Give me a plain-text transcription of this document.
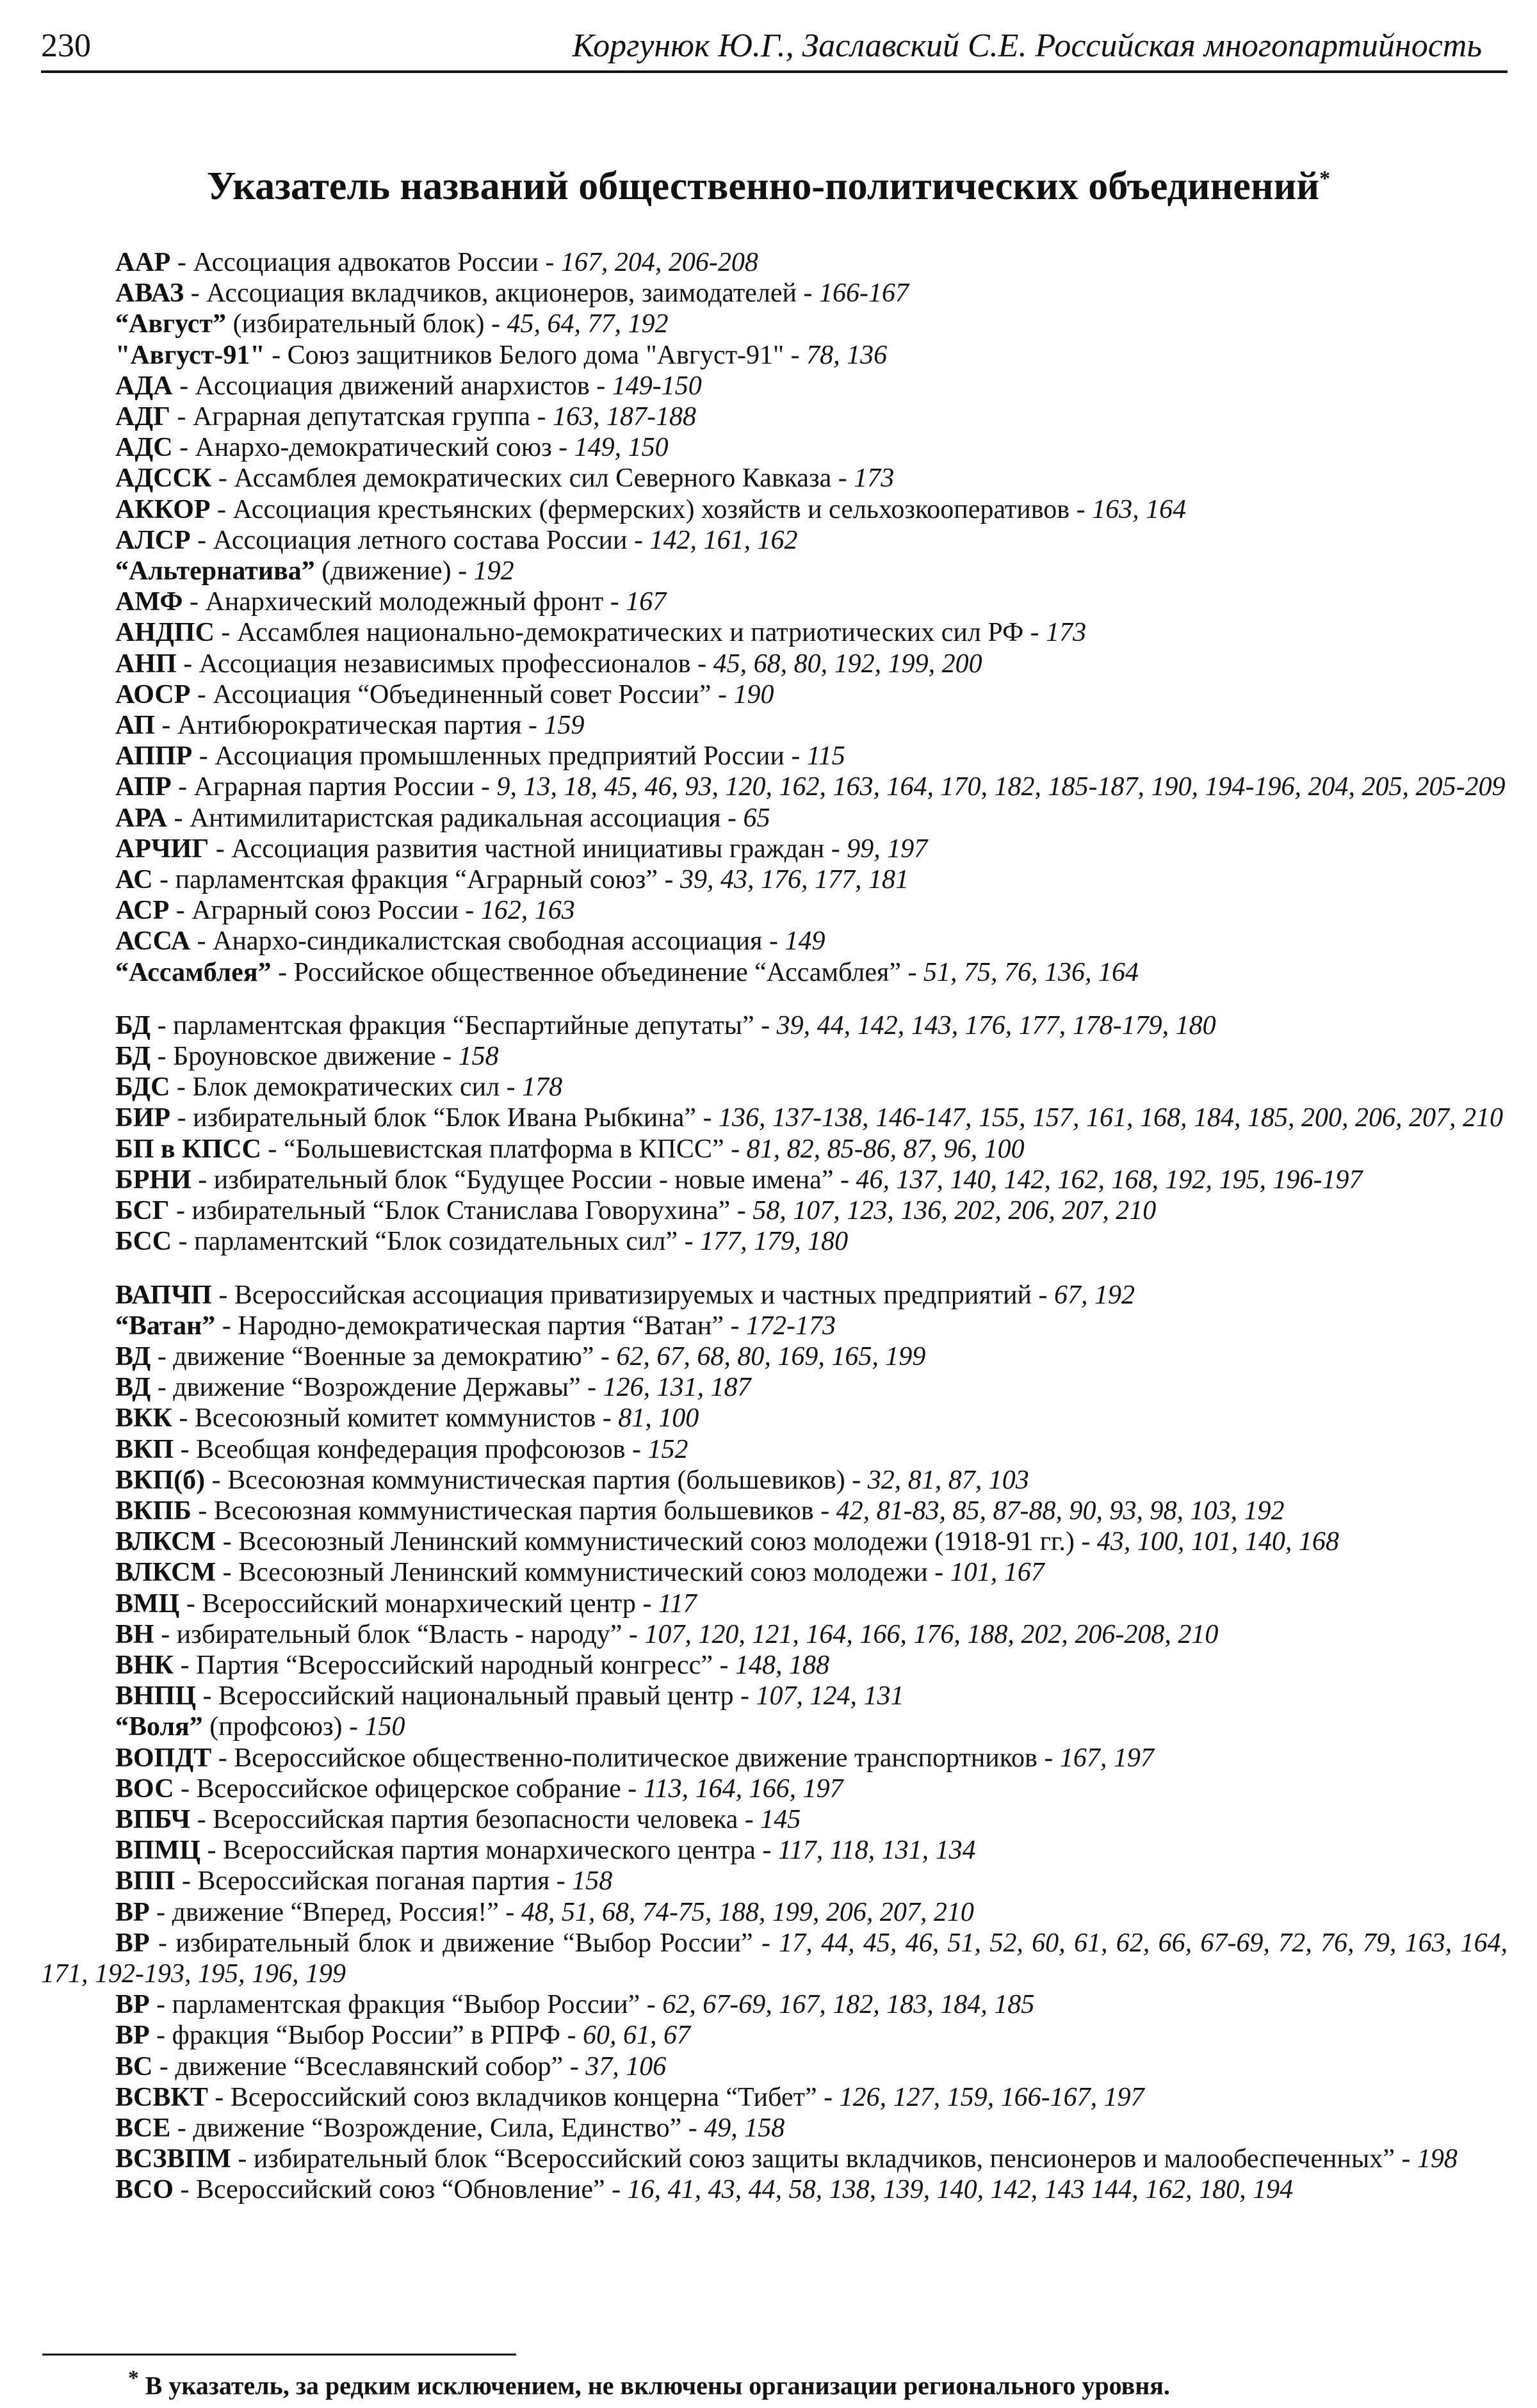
230	Коргунюк Ю.Г., Заславский С.Е. Российская многопартийность
Указатель названий общественно-политических объединений*
ААР - Ассоциация адвокатов России - 167, 204, 206-208
АВАЗ - Ассоциация вкладчиков, акционеров, заимодателей - 166-167
“Август” (избирательный блок) - 45, 64, 77, 192
"Август-91" - Союз защитников Белого дома "Август-91" - 78, 136
АДА - Ассоциация движений анархистов - 149-150
АДГ - Аграрная депутатская группа - 163, 187-188
АДС - Анархо-демократический союз - 149, 150
АДССК - Ассамблея демократических сил Северного Кавказа - 173
АККОР - Ассоциация крестьянских (фермерских) хозяйств и сельхозкооперативов - 163, 164
АЛСР - Ассоциация летного состава России - 142, 161, 162
“Альтернатива” (движение) - 192
АМФ - Анархический молодежный фронт - 167
АНДПС - Ассамблея национально-демократических и патриотических сил РФ - 173
АНП - Ассоциация независимых профессионалов - 45, 68, 80, 192, 199, 200
АОСР - Ассоциация “Объединенный совет России” - 190
АП - Антибюрократическая партия - 159
АППР - Ассоциация промышленных предприятий России - 115
АПР - Аграрная партия России - 9, 13, 18, 45, 46, 93, 120, 162, 163, 164, 170, 182, 185-187, 190, 194-196, 204, 205, 205-209
АРА - Антимилитаристская радикальная ассоциация - 65
АРЧИГ - Ассоциация развития частной инициативы граждан - 99, 197
АС - парламентская фракция “Аграрный союз” - 39, 43, 176, 177, 181
АСР - Аграрный союз России - 162, 163
АССА - Анархо-синдикалистская свободная ассоциация - 149
“Ассамблея” - Российское общественное объединение “Ассамблея” - 51, 75, 76, 136, 164
БД - парламентская фракция “Беспартийные депутаты” - 39, 44, 142, 143, 176, 177, 178-179, 180
БД - Броуновское движение - 158
БДС - Блок демократических сил - 178
БИР - избирательный блок “Блок Ивана Рыбкина” - 136, 137-138, 146-147, 155, 157, 161, 168, 184, 185, 200, 206, 207, 210
БП в КПСС - “Большевистская платформа в КПСС” - 81, 82, 85-86, 87, 96, 100
БРНИ - избирательный блок “Будущее России - новые имена” - 46, 137, 140, 142, 162, 168, 192, 195, 196-197
БСГ - избирательный “Блок Станислава Говорухина” - 58, 107, 123, 136, 202, 206, 207, 210
БСС - парламентский “Блок созидательных сил” - 177, 179, 180
ВАПЧП - Всероссийская ассоциация приватизируемых и частных предприятий - 67, 192
“Ватан” - Народно-демократическая партия “Ватан” - 172-173
ВД - движение “Военные за демократию” - 62, 67, 68, 80, 169, 165, 199
ВД - движение “Возрождение Державы” - 126, 131, 187
ВКК - Всесоюзный комитет коммунистов - 81, 100
ВКП - Всеобщая конфедерация профсоюзов - 152
ВКП(б) - Всесоюзная коммунистическая партия (большевиков) - 32, 81, 87, 103
ВКПБ - Всесоюзная коммунистическая партия большевиков - 42, 81-83, 85, 87-88, 90, 93, 98, 103, 192
ВЛКСМ - Всесоюзный Ленинский коммунистический союз молодежи (1918-91 гг.) - 43, 100, 101, 140, 168
ВЛКСМ - Всесоюзный Ленинский коммунистический союз молодежи - 101, 167
ВМЦ - Всероссийский монархический центр - 117
ВН - избирательный блок “Власть - народу” - 107, 120, 121, 164, 166, 176, 188, 202, 206-208, 210
ВНК - Партия “Всероссийский народный конгресс” - 148, 188
ВНПЦ - Всероссийский национальный правый центр - 107, 124, 131
“Воля” (профсоюз) - 150
ВОПДТ - Всероссийское общественно-политическое движение транспортников - 167, 197
ВОС - Всероссийское офицерское собрание - 113, 164, 166, 197
ВПБЧ - Всероссийская партия безопасности человека - 145
ВПМЦ - Всероссийская партия монархического центра - 117, 118, 131, 134
ВПП - Всероссийская поганая партия - 158
ВР - движение “Вперед, Россия!” - 48, 51, 68, 74-75, 188, 199, 206, 207, 210
ВР - избирательный блок и движение “Выбор России” - 17, 44, 45, 46, 51, 52, 60, 61, 62, 66, 67-69, 72, 76, 79, 163, 164, 171, 192-193, 195, 196, 199
ВР - парламентская фракция “Выбор России” - 62, 67-69, 167, 182, 183, 184, 185
ВР - фракция “Выбор России” в РПРФ - 60, 61, 67
ВС - движение “Всеславянский собор” - 37, 106
ВСВКТ - Всероссийский союз вкладчиков концерна “Тибет” - 126, 127, 159, 166-167, 197
ВСЕ - движение “Возрождение, Сила, Единство” - 49, 158
ВСЗВПМ - избирательный блок “Всероссийский союз защиты вкладчиков, пенсионеров и малообеспеченных” - 198
ВСО - Всероссийский союз “Обновление” - 16, 41, 43, 44, 58, 138, 139, 140, 142, 143 144, 162, 180, 194
* В указатель, за редким исключением, не включены организации регионального уровня.
